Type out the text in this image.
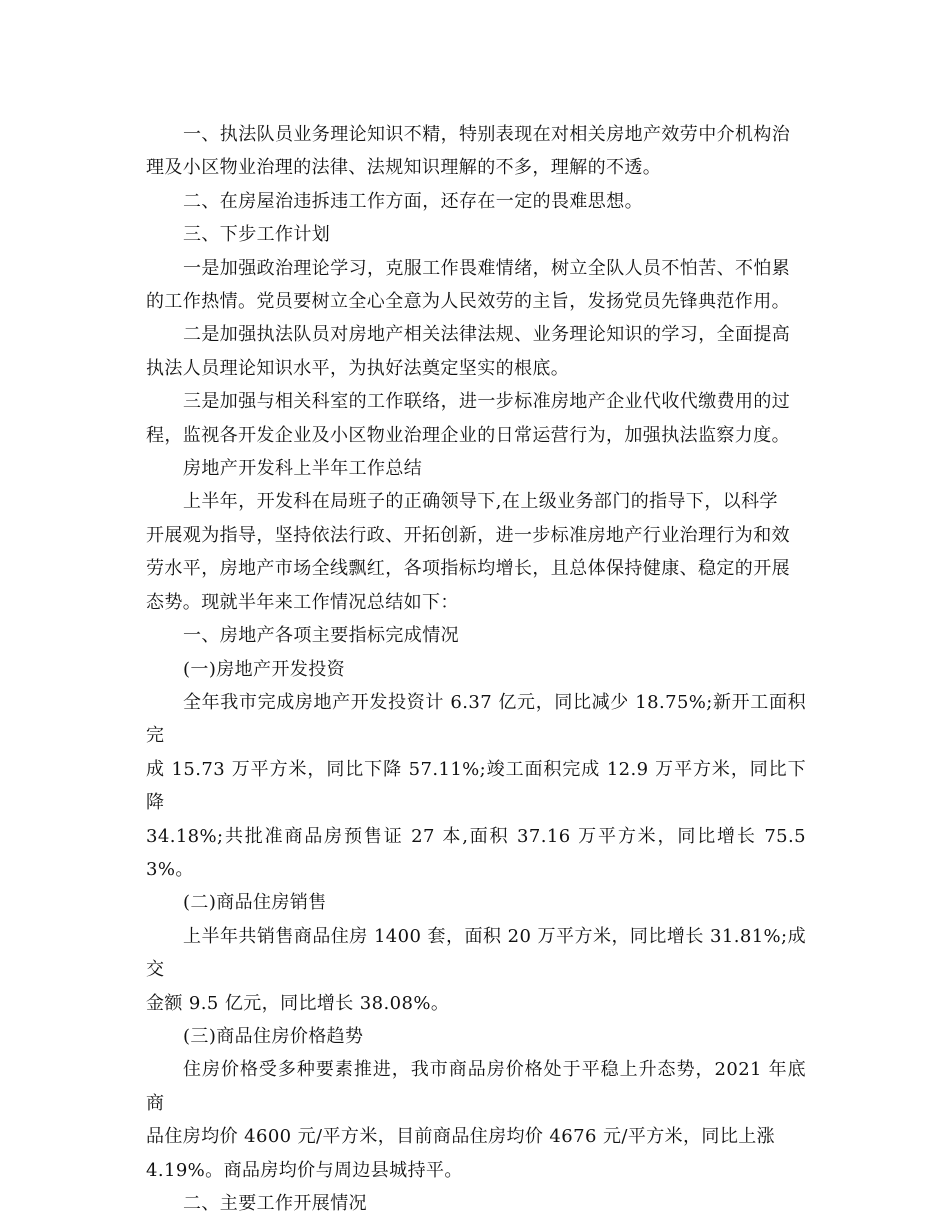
一、执法队员业务理论知识不精，特别表现在对相关房地产效劳中介机构治
理及小区物业治理的法律、法规知识理解的不多，理解的不透。

二、在房屋治违拆违工作方面，还存在一定的畏难思想。

三、下步工作计划

一是加强政治理论学习，克服工作畏难情绪，树立全队人员不怕苦、不怕累
的工作热情。党员要树立全心全意为人民效劳的主旨，发扬党员先锋典范作用。

二是加强执法队员对房地产相关法律法规、业务理论知识的学习，全面提高
执法人员理论知识水平，为执好法奠定坚实的根底。

三是加强与相关科室的工作联络，进一步标准房地产企业代收代缴费用的过
程，监视各开发企业及小区物业治理企业的日常运营行为，加强执法监察力度。

房地产开发科上半年工作总结

上半年，开发科在局班子的正确领导下,在上级业务部门的指导下，以科学
开展观为指导，坚持依法行政、开拓创新，进一步标准房地产行业治理行为和效
劳水平，房地产市场全线飘红，各项指标均增长，且总体保持健康、稳定的开展
态势。现就半年来工作情况总结如下：

一、房地产各项主要指标完成情况

(一)房地产开发投资

全年我市完成房地产开发投资计 6.37 亿元，同比减少 18.75%;新开工面积完
成 15.73 万平方米，同比下降 57.11%;竣工面积完成 12.9 万平方米，同比下降
34.18%;共批准商品房预售证 27 本,面积 37.16 万平方米，同比增长 75.53%。

(二)商品住房销售

上半年共销售商品住房 1400 套，面积 20 万平方米，同比增长 31.81%;成交
金额 9.5 亿元，同比增长 38.08%。

(三)商品住房价格趋势

住房价格受多种要素推进，我市商品房价格处于平稳上升态势，2021 年底商
品住房均价 4600 元/平方米，目前商品住房均价 4676 元/平方米，同比上涨
4.19%。商品房均价与周边县城持平。

二、主要工作开展情况
